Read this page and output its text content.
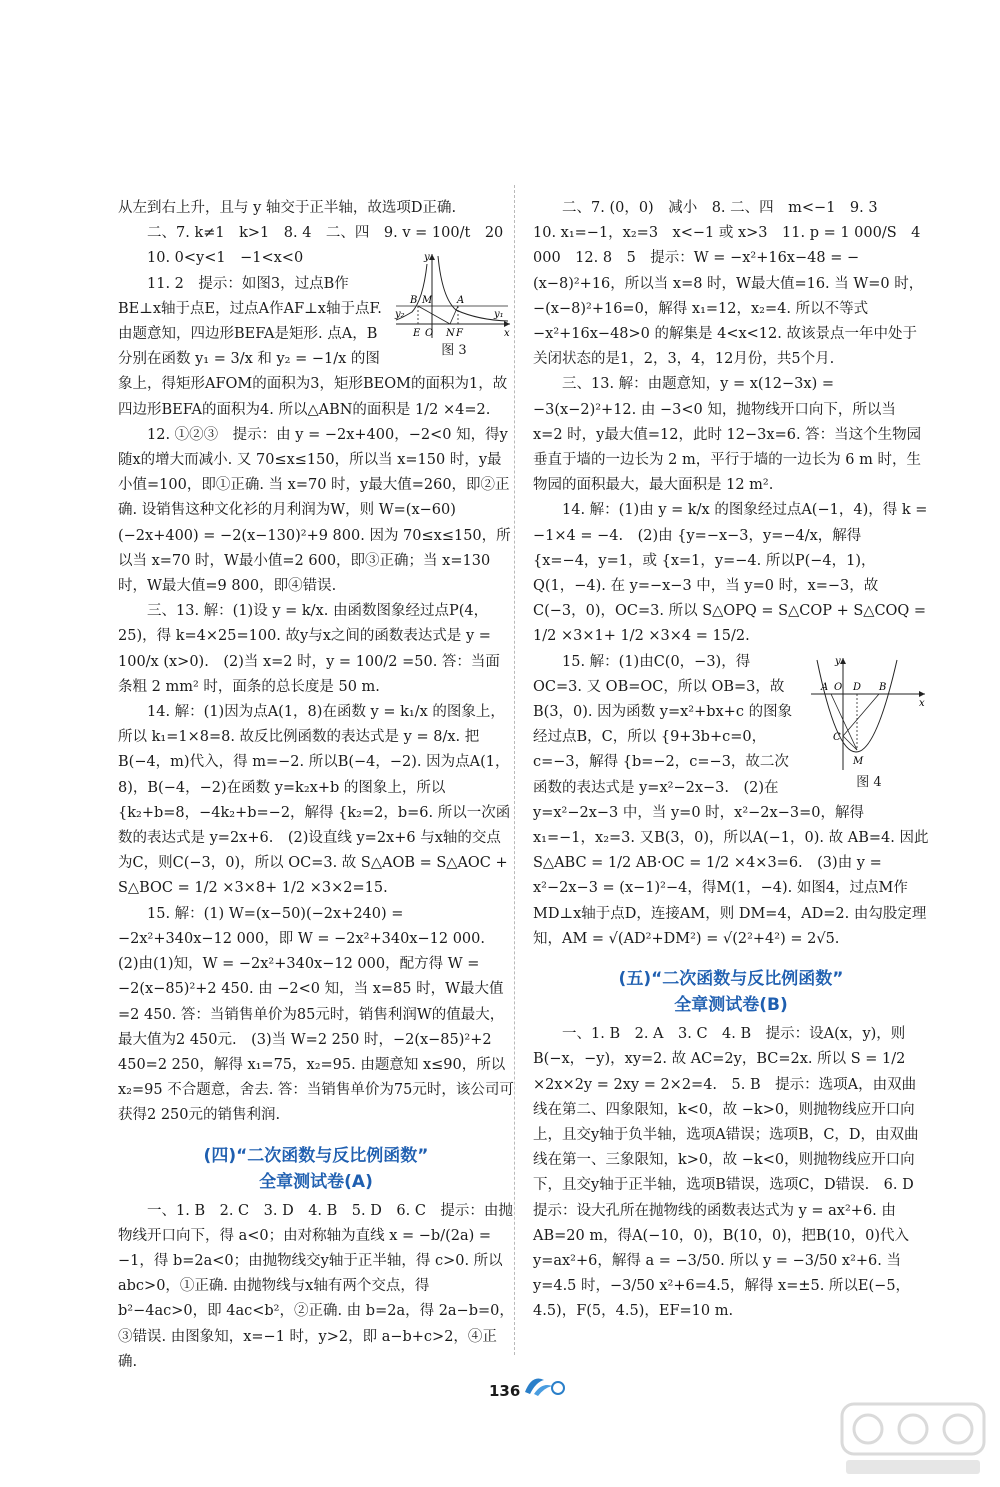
从左到右上升，且与 y 轴交于正半轴，故选项D正确.

二、7. k≠1　k>1　8. 4　二、四　9. v = 100/t　20

y
x
B M A
y₂	y₁
E O N F
图 3

10. 0<y<1　−1<x<0

11. 2　提示：如图3，过点B作BE⊥x轴于点E，过点A作AF⊥x轴于点F. 由题意知，四边形BEFA是矩形. 点A，B分别在函数 y₁ = 3/x 和 y₂ = −1/x 的图象上，得矩形AFOM的面积为3，矩形BEOM的面积为1，故四边形BEFA的面积为4. 所以△ABN的面积是 1/2 ×4=2.

12. ①②③　提示：由 y = −2x+400，−2<0 知，得y随x的增大而减小. 又 70≤x≤150，所以当 x=150 时，y最小值=100，即①正确. 当 x=70 时，y最大值=260，即②正确. 设销售这种文化衫的月利润为W，则 W=(x−60)(−2x+400) = −2(x−130)²+9 800. 因为 70≤x≤150，所以当 x=70 时，W最小值=2 600，即③正确；当 x=130 时，W最大值=9 800，即④错误.

三、13. 解：(1)设 y = k/x. 由函数图象经过点P(4，25)，得 k=4×25=100. 故y与x之间的函数表达式是 y = 100/x (x>0).　(2)当 x=2 时，y = 100/2 =50. 答：当面条粗 2 mm² 时，面条的总长度是 50 m.

14. 解：(1)因为点A(1，8)在函数 y = k₁/x 的图象上，所以 k₁=1×8=8. 故反比例函数的表达式是 y = 8/x. 把B(−4，m)代入，得 m=−2. 所以B(−4，−2). 因为点A(1，8)，B(−4，−2)在函数 y=k₂x+b 的图象上，所以 {k₂+b=8，−4k₂+b=−2，解得 {k₂=2，b=6. 所以一次函数的表达式是 y=2x+6.　(2)设直线 y=2x+6 与x轴的交点为C，则C(−3，0)，所以 OC=3. 故 S△AOB = S△AOC + S△BOC = 1/2 ×3×8+ 1/2 ×3×2=15.

15. 解：(1) W=(x−50)(−2x+240) = −2x²+340x−12 000，即 W = −2x²+340x−12 000.　(2)由(1)知，W = −2x²+340x−12 000，配方得 W = −2(x−85)²+2 450. 由 −2<0 知，当 x=85 时，W最大值=2 450. 答：当销售单价为85元时，销售利润W的值最大，最大值为2 450元.　(3)当 W=2 250 时，−2(x−85)²+2 450=2 250，解得 x₁=75，x₂=95. 由题意知 x≤90，所以 x₂=95 不合题意，舍去. 答：当销售单价为75元时，该公司可获得2 250元的销售利润.

(四)“二次函数与反比例函数”
全章测试卷(A)

一、1. B　2. C　3. D　4. B　5. D　6. C　提示：由抛物线开口向下，得 a<0；由对称轴为直线 x = −b/(2a) = −1，得 b=2a<0；由抛物线交y轴于正半轴，得 c>0. 所以 abc>0，①正确. 由抛物线与x轴有两个交点，得 b²−4ac>0，即 4ac<b²，②正确. 由 b=2a，得 2a−b=0，③错误. 由图象知，x=−1 时，y>2，即 a−b+c>2，④正确.

二、7. (0，0)　减小　8. 二、四　m<−1　9. 3

10. x₁=−1，x₂=3　x<−1 或 x>3　11. p = 1 000/S　4 000　12. 8　5　提示：W = −x²+16x−48 = −(x−8)²+16，所以当 x=8 时，W最大值=16. 当 W=0 时，−(x−8)²+16=0，解得 x₁=12，x₂=4. 所以不等式 −x²+16x−48>0 的解集是 4<x<12. 故该景点一年中处于关闭状态的是1，2，3，4，12月份，共5个月.

三、13. 解：由题意知，y = x(12−3x) = −3(x−2)²+12. 由 −3<0 知，抛物线开口向下，所以当 x=2 时，y最大值=12，此时 12−3x=6. 答：当这个生物园垂直于墙的一边长为 2 m，平行于墙的一边长为 6 m 时，生物园的面积最大，最大面积是 12 m².

14. 解：(1)由 y = k/x 的图象经过点A(−1，4)，得 k = −1×4 = −4.　(2)由 {y=−x−3，y=−4/x，解得 {x=−4，y=1，或 {x=1，y=−4. 所以P(−4，1)，Q(1，−4). 在 y=−x−3 中，当 y=0 时，x=−3，故C(−3，0)，OC=3. 所以 S△OPQ = S△COP + S△COQ = 1/2 ×3×1+ 1/2 ×3×4 = 15/2.

y
x
A O D B
C
M
图 4

15. 解：(1)由C(0，−3)，得 OC=3. 又 OB=OC，所以 OB=3，故B(3，0). 因为函数 y=x²+bx+c 的图象经过点B，C，所以 {9+3b+c=0，c=−3，解得 {b=−2，c=−3，故二次函数的表达式是 y=x²−2x−3.　(2)在 y=x²−2x−3 中，当 y=0 时，x²−2x−3=0，解得 x₁=−1，x₂=3. 又B(3，0)，所以A(−1，0). 故 AB=4. 因此 S△ABC = 1/2 AB·OC = 1/2 ×4×3=6.　(3)由 y = x²−2x−3 = (x−1)²−4，得M(1，−4). 如图4，过点M作MD⊥x轴于点D，连接AM，则 DM=4，AD=2. 由勾股定理知，AM = √(AD²+DM²) = √(2²+4²) = 2√5.

(五)“二次函数与反比例函数”
全章测试卷(B)

一、1. B　2. A　3. C　4. B　提示：设A(x，y)，则B(−x，−y)，xy=2. 故 AC=2y，BC=2x. 所以 S = 1/2 ×2x×2y = 2xy = 2×2=4.　5. B　提示：选项A，由双曲线在第二、四象限知，k<0，故 −k>0，则抛物线应开口向上，且交y轴于负半轴，选项A错误；选项B，C，D，由双曲线在第一、三象限知，k>0，故 −k<0，则抛物线应开口向下，且交y轴于正半轴，选项B错误，选项C，D错误.　6. D　提示：设大孔所在抛物线的函数表达式为 y = ax²+6. 由 AB=20 m，得A(−10，0)，B(10，0)，把B(10，0)代入 y=ax²+6，解得 a = −3/50. 所以 y = −3/50 x²+6. 当 y=4.5 时，−3/50 x²+6=4.5，解得 x=±5. 所以E(−5，4.5)，F(5，4.5)，EF=10 m.

136
